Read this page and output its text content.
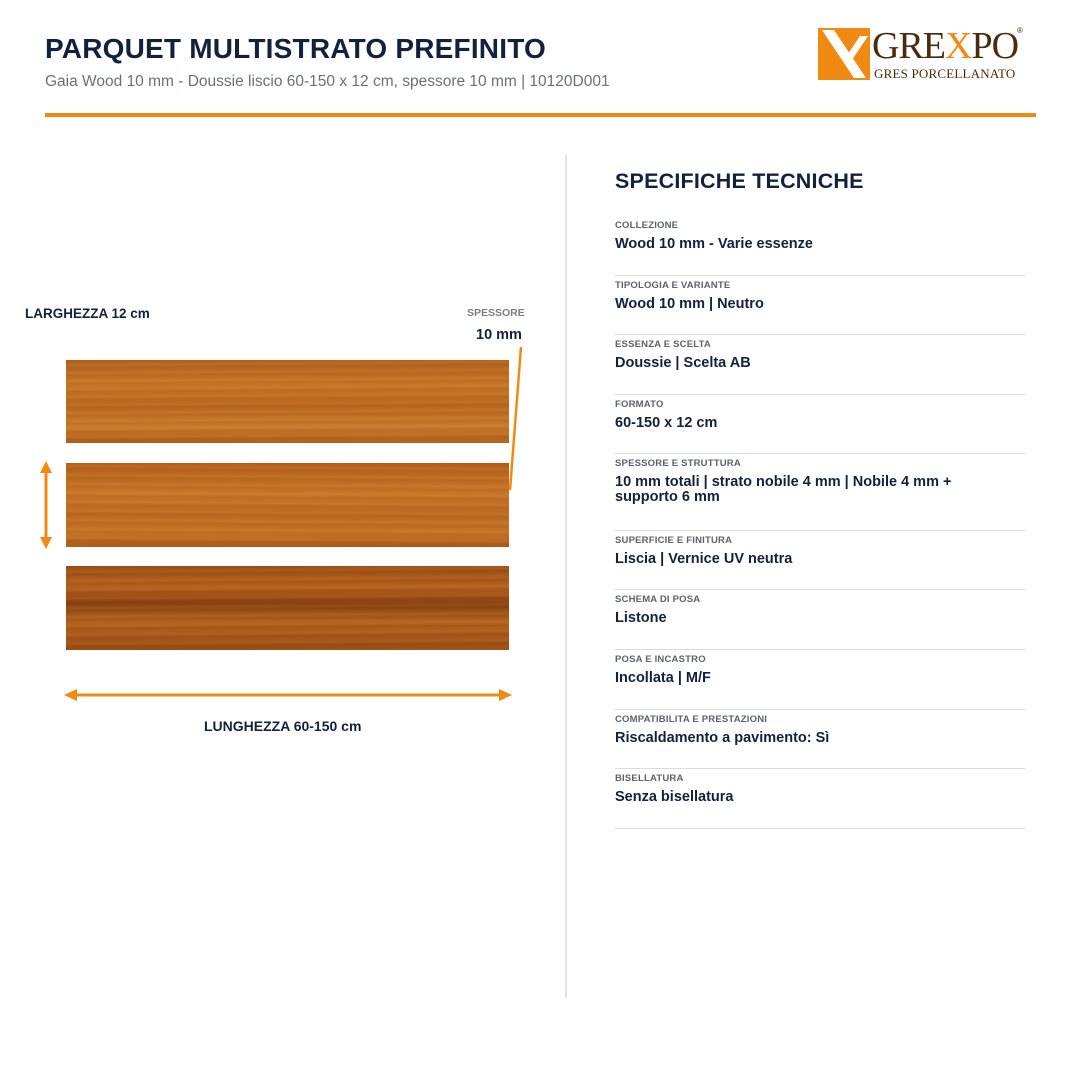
PARQUET MULTISTRATO PREFINITO
Gaia Wood 10 mm - Doussie liscio 60-150 x 12 cm, spessore 10 mm | 10120D001
GREXPO
®
GRES PORCELLANATO
LARGHEZZA 12 cm	SPESSORE
10 mm
LUNGHEZZA 60-150 cm
SPECIFICHE TECNICHE
COLLEZIONE
Wood 10 mm - Varie essenze
TIPOLOGIA E VARIANTE
Wood 10 mm | Neutro
ESSENZA E SCELTA
Doussie | Scelta AB
FORMATO
60-150 x 12 cm
SPESSORE E STRUTTURA
10 mm totali | strato nobile 4 mm | Nobile 4 mm + supporto 6 mm
SUPERFICIE E FINITURA
Liscia | Vernice UV neutra
SCHEMA DI POSA
Listone
POSA E INCASTRO
Incollata | M/F
COMPATIBILITA E PRESTAZIONI
Riscaldamento a pavimento: Sì
BISELLATURA
Senza bisellatura
